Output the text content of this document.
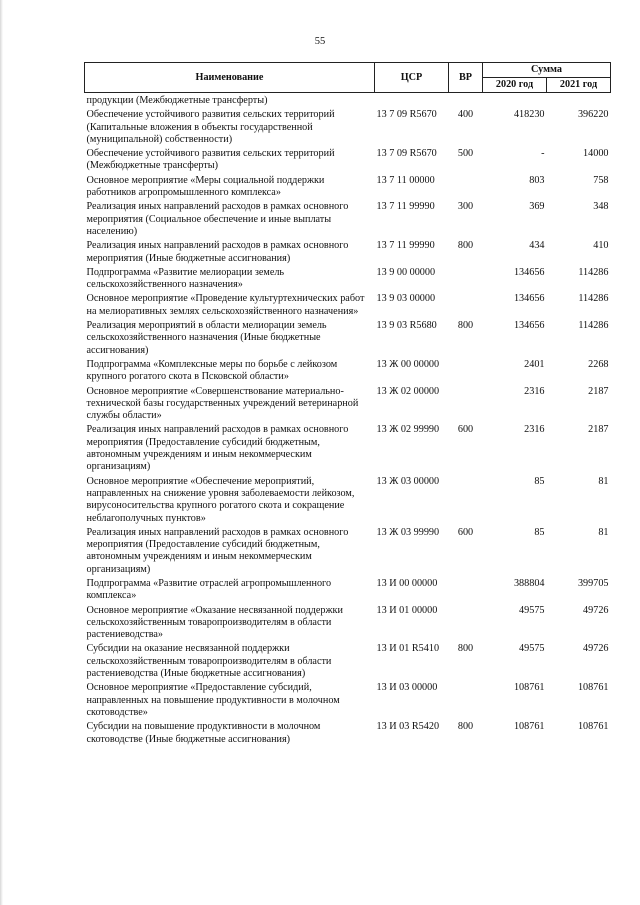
55
Наименование	ЦСР	ВР	Сумма	
			2020 год	2021 год
продукции (Межбюджетные трансферты)				
Обеспечение устойчивого развития сельских территорий (Капитальные вложения в объекты государственной (муниципальной) собственности)	13 7 09 R5670	400	418230	396220
Обеспечение устойчивого развития сельских территорий (Межбюджетные трансферты)	13 7 09 R5670	500	-	14000
Основное мероприятие «Меры социальной поддержки работников агропромышленного комплекса»	13 7 11 00000		803	758
Реализация иных направлений расходов в рамках основного мероприятия (Социальное обеспечение и иные выплаты населению)	13 7 11 99990	300	369	348
Реализация иных направлений расходов в рамках основного мероприятия (Иные бюджетные ассигнования)	13 7 11 99990	800	434	410
Подпрограмма «Развитие мелиорации земель сельскохозяйственного назначения»	13 9 00 00000		134656	114286
Основное мероприятие «Проведение культуртехнических работ на мелиоративных землях сельскохозяйственного назначения»	13 9 03 00000		134656	114286
Реализация мероприятий в области мелиорации земель сельскохозяйственного назначения (Иные бюджетные ассигнования)	13 9 03 R5680	800	134656	114286
Подпрограмма «Комплексные меры по борьбе с лейкозом крупного рогатого скота в Псковской области»	13 Ж 00 00000		2401	2268
Основное мероприятие «Совершенствование материально-технической базы государственных учреждений ветеринарной службы области»	13 Ж 02 00000		2316	2187
Реализация иных направлений расходов в рамках основного мероприятия (Предоставление субсидий бюджетным, автономным учреждениям и иным некоммерческим организациям)	13 Ж 02 99990	600	2316	2187
Основное мероприятие «Обеспечение мероприятий, направленных на снижение уровня заболеваемости лейкозом, вирусоносительства крупного рогатого скота и сокращение неблагополучных пунктов»	13 Ж 03 00000		85	81
Реализация иных направлений расходов в рамках основного мероприятия (Предоставление субсидий бюджетным, автономным учреждениям и иным некоммерческим организациям)	13 Ж 03 99990	600	85	81
Подпрограмма «Развитие отраслей агропромышленного комплекса»	13 И 00 00000		388804	399705
Основное мероприятие «Оказание несвязанной поддержки сельскохозяйственным товаропроизводителям в области растениеводства»	13 И 01 00000		49575	49726
Субсидии на оказание несвязанной поддержки сельскохозяйственным товаропроизводителям в области растениеводства (Иные бюджетные ассигнования)	13 И 01 R5410	800	49575	49726
Основное мероприятие «Предоставление субсидий, направленных на повышение продуктивности в молочном скотоводстве»	13 И 03 00000		108761	108761
Субсидии на повышение продуктивности в молочном скотоводстве (Иные бюджетные ассигнования)	13 И 03 R5420	800	108761	108761
